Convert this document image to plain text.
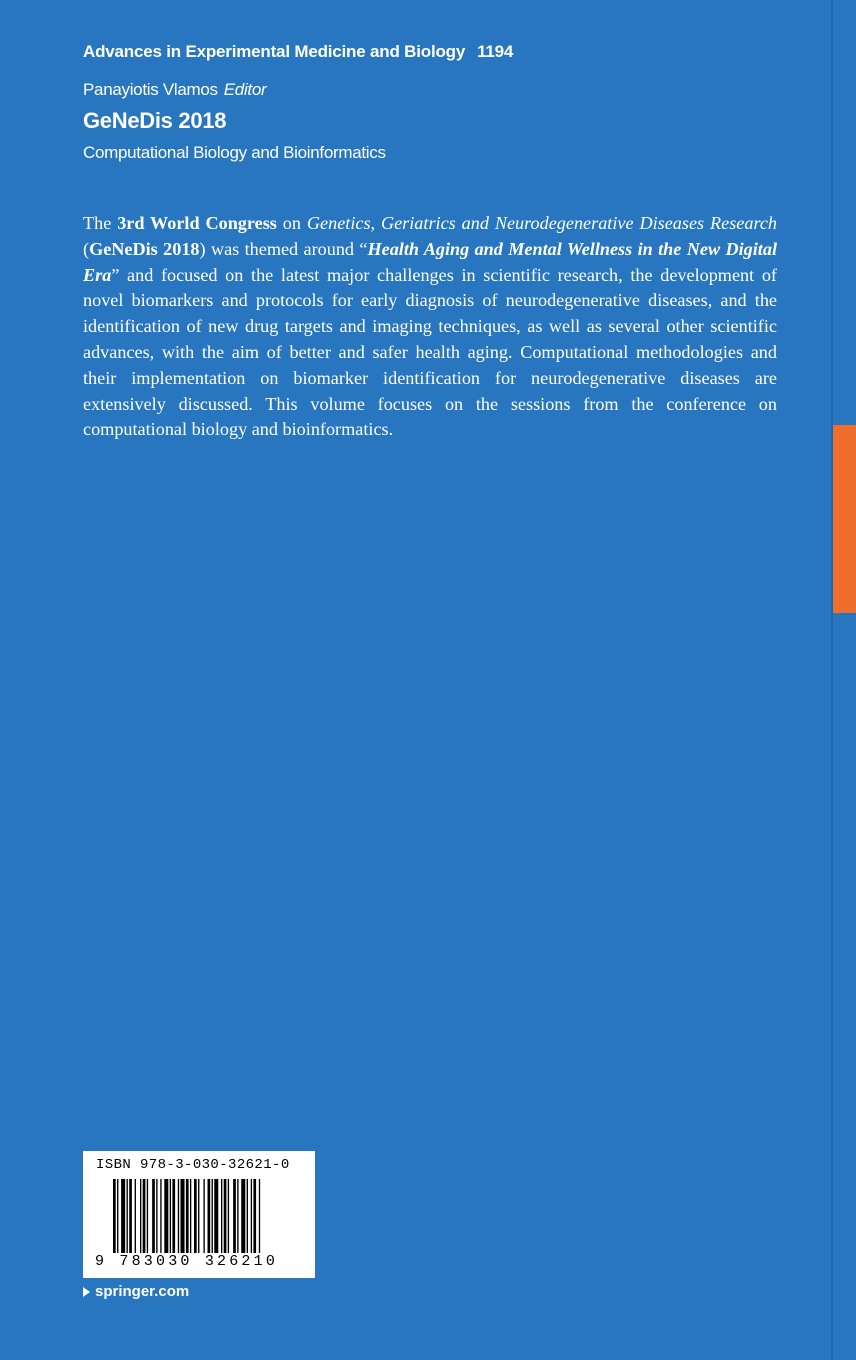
Advances in Experimental Medicine and Biology 1194
Panayiotis Vlamos Editor
GeNeDis 2018
Computational Biology and Bioinformatics

The 3rd World Congress on Genetics, Geriatrics and Neurodegenerative Diseases Research (GeNeDis 2018) was themed around “Health Aging and Mental Wellness in the New Digital Era” and focused on the latest major challenges in scientific research, the development of novel biomarkers and protocols for early diagnosis of neurodegenerative diseases, and the identification of new drug targets and imaging techniques, as well as several other scientific advances, with the aim of better and safer health aging. Computational methodologies and their implementation on biomarker identification for neurodegenerative diseases are extensively discussed. This volume focuses on the sessions from the conference on computational biology and bioinformatics.

ISBN 978-3-030-32621-0
9 783030 326210
springer.com
